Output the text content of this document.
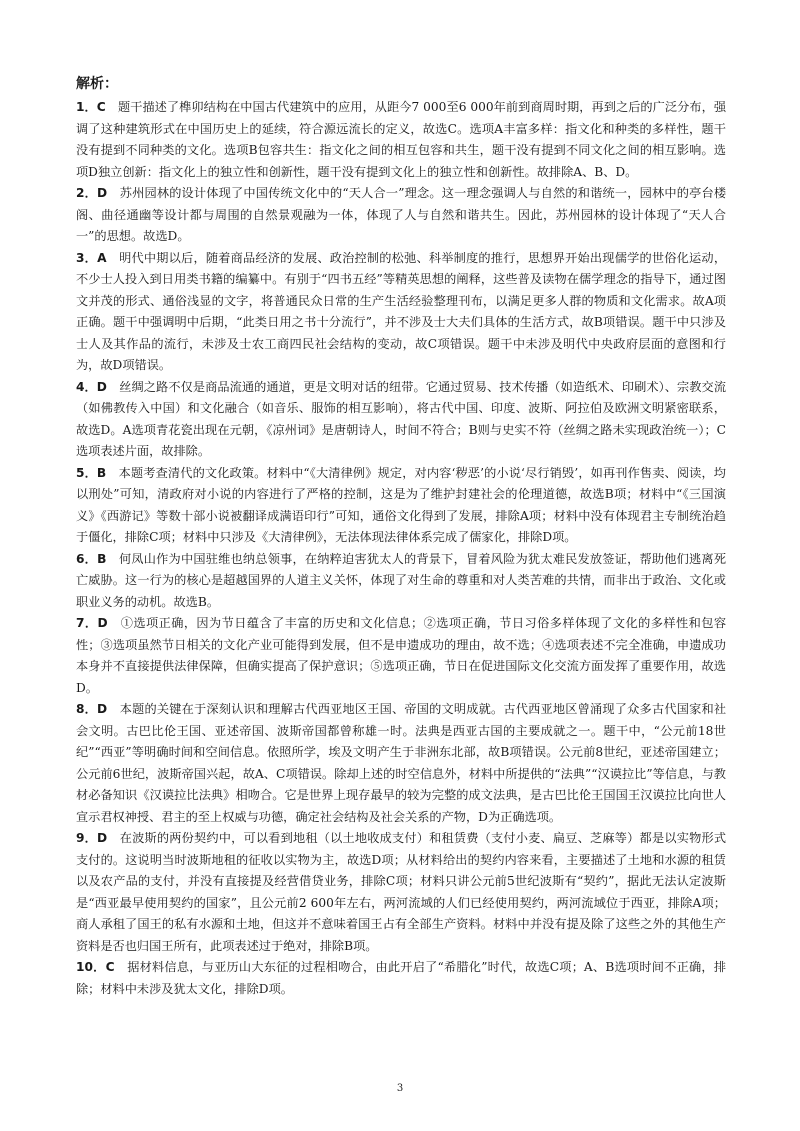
解析：

1．C　 题干描述了榫卯结构在中国古代建筑中的应用，从距今7 000至6 000年前到商周时期，再到之后的广泛分布，强调了这种建筑形式在中国历史上的延续，符合源远流长的定义，故选C。选项A丰富多样：指文化和种类的多样性，题干没有提到不同种类的文化。选项B包容共生：指文化之间的相互包容和共生，题干没有提到不同文化之间的相互影响。选项D独立创新：指文化上的独立性和创新性，题干没有提到文化上的独立性和创新性。故排除A、B、D。

2．D　 苏州园林的设计体现了中国传统文化中的“天人合一”理念。这一理念强调人与自然的和谐统一，园林中的亭台楼阁、曲径通幽等设计都与周围的自然景观融为一体，体现了人与自然和谐共生。因此，苏州园林的设计体现了“天人合一”的思想。故选D。

3．A　 明代中期以后，随着商品经济的发展、政治控制的松弛、科举制度的推行，思想界开始出现儒学的世俗化运动，不少士人投入到日用类书籍的编纂中。有别于“四书五经”等精英思想的阐释，这些普及读物在儒学理念的指导下，通过图文并茂的形式、通俗浅显的文字，将普通民众日常的生产生活经验整理刊布，以满足更多人群的物质和文化需求。故A项正确。题干中强调明中后期，“此类日用之书十分流行”，并不涉及士大夫们具体的生活方式，故B项错误。题干中只涉及士人及其作品的流行，未涉及士农工商四民社会结构的变动，故C项错误。题干中未涉及明代中央政府层面的意图和行为，故D项错误。

4．D　 丝绸之路不仅是商品流通的通道，更是文明对话的纽带。它通过贸易、技术传播（如造纸术、印刷术）、宗教交流（如佛教传入中国）和文化融合（如音乐、服饰的相互影响），将古代中国、印度、波斯、阿拉伯及欧洲文明紧密联系，故选D。A选项青花瓷出现在元朝，《凉州词》是唐朝诗人，时间不符合；B则与史实不符（丝绸之路未实现政治统一）；C选项表述片面，故排除。

5．B　 本题考查清代的文化政策。材料中“《大清律例》规定，对内容‘秽恶’的小说‘尽行销毁’，如再刊作售卖、阅读，均以刑处”可知，清政府对小说的内容进行了严格的控制，这是为了维护封建社会的伦理道德，故选B项；材料中“《三国演义》《西游记》等数十部小说被翻译成满语印行”可知，通俗文化得到了发展，排除A项；材料中没有体现君主专制统治趋于僵化，排除C项；材料中只涉及《大清律例》，无法体现法律体系完成了儒家化，排除D项。

6．B　 何凤山作为中国驻维也纳总领事，在纳粹迫害犹太人的背景下，冒着风险为犹太难民发放签证，帮助他们逃离死亡威胁。这一行为的核心是超越国界的人道主义关怀，体现了对生命的尊重和对人类苦难的共情，而非出于政治、文化或职业义务的动机。故选B。

7．D　 ①选项正确，因为节日蕴含了丰富的历史和文化信息；②选项正确，节日习俗多样体现了文化的多样性和包容性；③选项虽然节日相关的文化产业可能得到发展，但不是申遗成功的理由，故不选；④选项表述不完全准确，申遗成功本身并不直接提供法律保障，但确实提高了保护意识；⑤选项正确，节日在促进国际文化交流方面发挥了重要作用，故选D。

8．D　 本题的关键在于深刻认识和理解古代西亚地区王国、帝国的文明成就。古代西亚地区曾涌现了众多古代国家和社会文明。古巴比伦王国、亚述帝国、波斯帝国都曾称雄一时。法典是西亚古国的主要成就之一。题干中，“公元前18世纪”“西亚”等明确时间和空间信息。依照所学，埃及文明产生于非洲东北部，故B项错误。公元前8世纪，亚述帝国建立；公元前6世纪，波斯帝国兴起，故A、C项错误。除却上述的时空信息外，材料中所提供的“法典”“汉谟拉比”等信息，与教材必备知识《汉谟拉比法典》相吻合。它是世界上现存最早的较为完整的成文法典，是古巴比伦王国国王汉谟拉比向世人宣示君权神授、君主的至上权威与功德，确定社会结构及社会关系的产物，D为正确选项。

9．D　 在波斯的两份契约中，可以看到地租（以土地收成支付）和租赁费（支付小麦、扁豆、芝麻等）都是以实物形式支付的。这说明当时波斯地租的征收以实物为主，故选D项；从材料给出的契约内容来看，主要描述了土地和水源的租赁以及农产品的支付，并没有直接提及经营借贷业务，排除C项；材料只讲公元前5世纪波斯有“契约”，据此无法认定波斯是“西亚最早使用契约的国家”，且公元前2 600年左右，两河流域的人们已经使用契约，两河流域位于西亚，排除A项；商人承租了国王的私有水源和土地，但这并不意味着国王占有全部生产资料。材料中并没有提及除了这些之外的其他生产资料是否也归国王所有，此项表述过于绝对，排除B项。

10．C　 据材料信息，与亚历山大东征的过程相吻合，由此开启了“希腊化”时代，故选C项；A、B选项时间不正确，排除；材料中未涉及犹太文化，排除D项。

3
